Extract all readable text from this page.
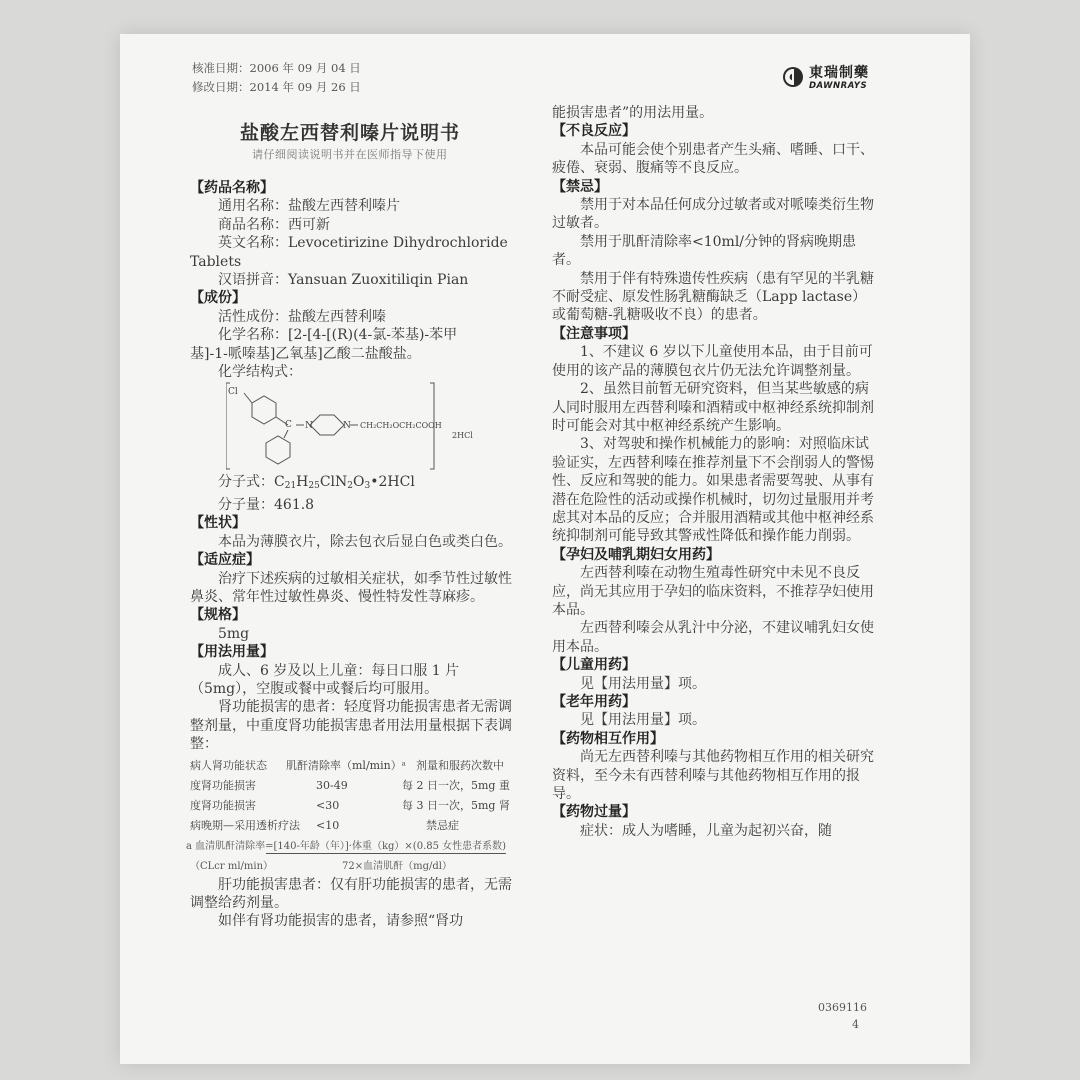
核准日期：2006 年 09 月 04 日
修改日期：2014 年 09 月 26 日
東瑞制藥
DAWNRAYS
盐酸左西替利嗪片说明书
请仔细阅读说明书并在医师指导下使用

【药品名称】

通用名称：盐酸左西替利嗪片

商品名称：西可新

英文名称：Levocetirizine Dihydrochloride

Tablets

汉语拼音：Yansuan Zuoxitiliqin Pian

【成份】

活性成份：盐酸左西替利嗪

化学名称：[2-[4-[(R)(4-氯-苯基)-苯甲

基]-1-哌嗪基]乙氧基]乙酸二盐酸盐。

化学结构式：

Cl
C N	N CH₂CH₂OCH₂COOH
2HCl

分子式：$C_{21}H_{25}ClN_2O_3•2HCl$

分子量：461.8

【性状】

本品为薄膜衣片，除去包衣后显白色或类白色。

【适应症】

治疗下述疾病的过敏相关症状，如季节性过敏性鼻炎、常年性过敏性鼻炎、慢性特发性荨麻疹。

【规格】

5mg

【用法用量】

成人、6 岁及以上儿童：每日口服 1 片（5mg），空腹或餐中或餐后均可服用。

肾功能损害的患者：轻度肾功能损害患者无需调整剂量，中重度肾功能损害患者用法用量根据下表调整：

病人肾功能状态 肌酐清除率（ml/min）ᵃ 剂量和服药次数中
度肾功能损害	30-49	每 2 日一次，5mg 重
度肾功能损害	<30	每 3 日一次，5mg 肾
病晚期—采用透析疗法 <10	禁忌症
a 血清肌酐清除率=[140-年龄（年）]·体重（kg）×(0.85 女性患者系数)
（CLcr ml/min）	72×血清肌酐（mg/dl）

肝功能损害患者：仅有肝功能损害的患者，无需调整给药剂量。

如伴有肾功能损害的患者，请参照“肾功

能损害患者”的用法用量。

【不良反应】

本品可能会使个别患者产生头痛、嗜睡、口干、疲倦、衰弱、腹痛等不良反应。

【禁忌】

禁用于对本品任何成分过敏者或对哌嗪类衍生物过敏者。

禁用于肌酐清除率<10ml/分钟的肾病晚期患者。

禁用于伴有特殊遗传性疾病（患有罕见的半乳糖不耐受症、原发性肠乳糖酶缺乏（Lapp lactase）或葡萄糖-乳糖吸收不良）的患者。

【注意事项】

1、不建议 6 岁以下儿童使用本品，由于目前可使用的该产品的薄膜包衣片仍无法允许调整剂量。

2、虽然目前暂无研究资料，但当某些敏感的病人同时服用左西替利嗪和酒精或中枢神经系统抑制剂时可能会对其中枢神经系统产生影响。

3、对驾驶和操作机械能力的影响：对照临床试验证实，左西替利嗪在推荐剂量下不会削弱人的警惕性、反应和驾驶的能力。如果患者需要驾驶、从事有潜在危险性的活动或操作机械时，切勿过量服用并考虑其对本品的反应；合并服用酒精或其他中枢神经系统抑制剂可能导致其警戒性降低和操作能力削弱。

【孕妇及哺乳期妇女用药】

左西替利嗪在动物生殖毒性研究中未见不良反应，尚无其应用于孕妇的临床资料，不推荐孕妇使用本品。

左西替利嗪会从乳汁中分泌，不建议哺乳妇女使用本品。

【儿童用药】

见【用法用量】项。

【老年用药】

见【用法用量】项。

【药物相互作用】

尚无左西替利嗪与其他药物相互作用的相关研究资料，至今未有西替利嗪与其他药物相互作用的报导。

【药物过量】

症状：成人为嗜睡，儿童为起初兴奋，随

0369116
4
